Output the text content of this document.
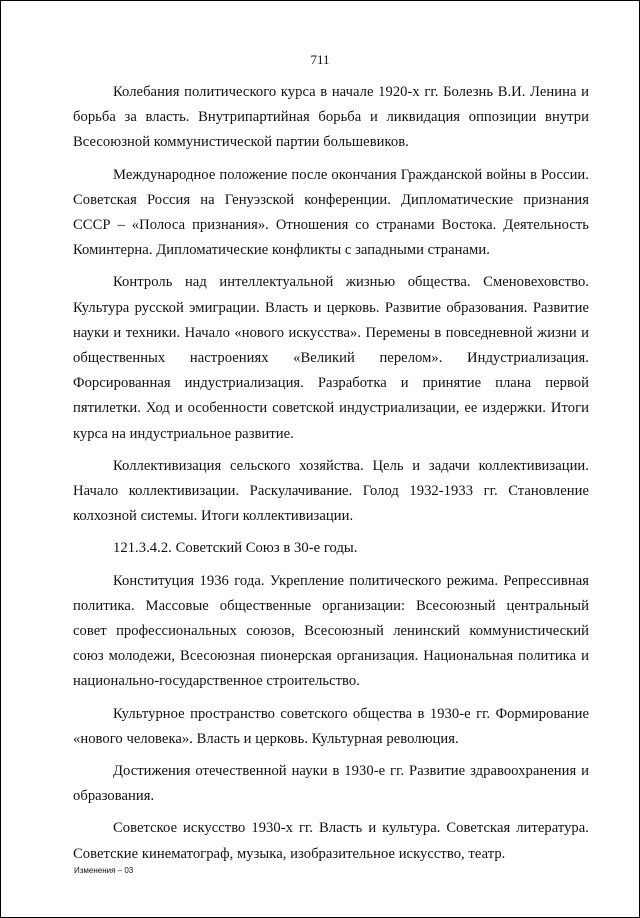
711

Колебания политического курса в начале 1920-х гг. Болезнь В.И. Ленина и борьба за власть. Внутрипартийная борьба и ликвидация оппозиции внутри Всесоюзной коммунистической партии большевиков.

Международное положение после окончания Гражданской войны в России. Советская Россия на Генуэзской конференции. Дипломатические признания СССР – «Полоса признания». Отношения со странами Востока. Деятельность Коминтерна. Дипломатические конфликты с западными странами.

Контроль над интеллектуальной жизнью общества. Сменовеховство. Культура русской эмиграции. Власть и церковь. Развитие образования. Развитие науки и техники. Начало «нового искусства». Перемены в повседневной жизни и общественных настроениях «Великий перелом». Индустриализация. Форсированная индустриализация. Разработка и принятие плана первой пятилетки. Ход и особенности советской индустриализации, ее издержки. Итоги курса на индустриальное развитие.

Коллективизация сельского хозяйства. Цель и задачи коллективизации. Начало коллективизации. Раскулачивание. Голод 1932-1933 гг. Становление колхозной системы. Итоги коллективизации.

121.3.4.2. Советский Союз в 30-е годы.

Конституция 1936 года. Укрепление политического режима. Репрессивная политика. Массовые общественные организации: Всесоюзный центральный совет профессиональных союзов, Всесоюзный ленинский коммунистический союз молодежи, Всесоюзная пионерская организация. Национальная политика и национально-государственное строительство.

Культурное пространство советского общества в 1930-е гг. Формирование «нового человека». Власть и церковь. Культурная революция.

Достижения отечественной науки в 1930-е гг. Развитие здравоохранения и образования.

Советское искусство 1930-х гг. Власть и культура. Советская литература. Советские кинематограф, музыка, изобразительное искусство, театр.

Изменения – 03
